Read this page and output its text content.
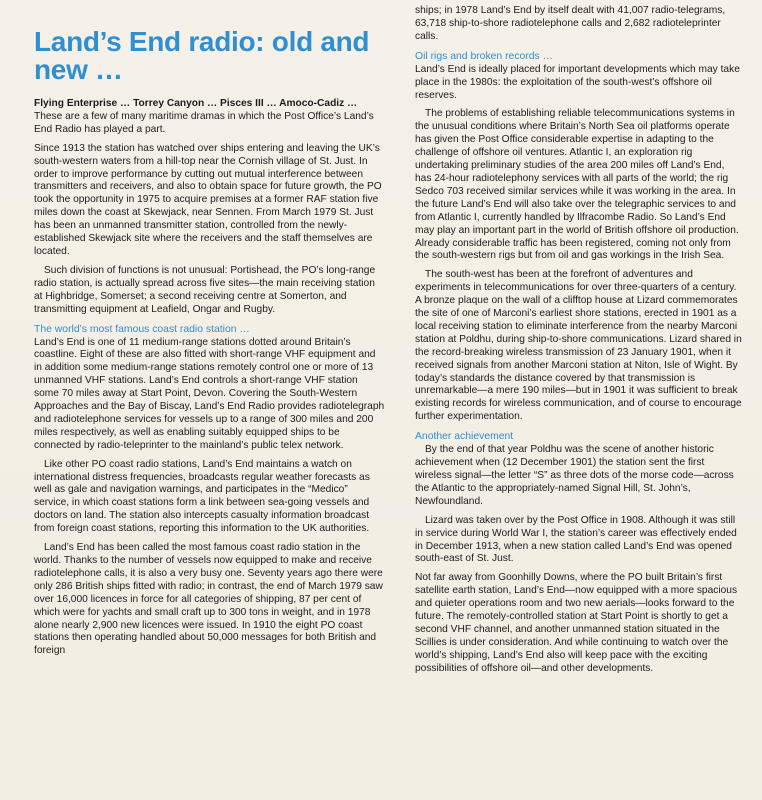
Land’s End radio: old and new …

Flying Enterprise … Torrey Canyon … Pisces III … Amoco-Cadiz … These are a few of many maritime dramas in which the Post Office’s Land’s End Radio has played a part.

Since 1913 the station has watched over ships entering and leaving the UK’s south-western waters from a hill-top near the Cornish village of St. Just. In order to improve performance by cutting out mutual interference between transmitters and receivers, and also to obtain space for future growth, the PO took the opportunity in 1975 to acquire premises at a former RAF station five miles down the coast at Skewjack, near Sennen. From March 1979 St. Just has been an unmanned transmitter station, controlled from the newly-established Skewjack site where the receivers and the staff themselves are located.

Such division of functions is not unusual: Portishead, the PO’s long-range radio station, is actually spread across five sites—the main receiving station at Highbridge, Somerset; a second receiving centre at Somerton, and transmitting equipment at Leafield, Ongar and Rugby.

The world’s most famous coast radio station …

Land’s End is one of 11 medium-range stations dotted around Britain’s coastline. Eight of these are also fitted with short-range VHF equipment and in addition some medium-range stations remotely control one or more of 13 unmanned VHF stations. Land’s End controls a short-range VHF station some 70 miles away at Start Point, Devon. Covering the South-Western Approaches and the Bay of Biscay, Land’s End Radio provides radiotelegraph and radiotelephone services for vessels up to a range of 300 miles and 200 miles respectively, as well as enabling suitably equipped ships to be connected by radio-teleprinter to the mainland’s public telex network.

Like other PO coast radio stations, Land’s End maintains a watch on international distress frequencies, broadcasts regular weather forecasts as well as gale and navigation warnings, and participates in the “Medico” service, in which coast stations form a link between sea-going vessels and doctors on land. The station also intercepts casualty information broadcast from foreign coast stations, reporting this information to the UK authorities.

Land’s End has been called the most famous coast radio station in the world. Thanks to the number of vessels now equipped to make and receive radiotelephone calls, it is also a very busy one. Seventy years ago there were only 286 British ships fitted with radio; in contrast, the end of March 1979 saw over 16,000 licences in force for all categories of shipping, 87 per cent of which were for yachts and small craft up to 300 tons in weight, and in 1978 alone nearly 2,900 new licences were issued. In 1910 the eight PO coast stations then operating handled about 50,000 messages for both British and foreign

ships; in 1978 Land’s End by itself dealt with 41,007 radio-telegrams, 63,718 ship-to-shore radiotelephone calls and 2,682 radioteleprinter calls.

Oil rigs and broken records …

Land’s End is ideally placed for important developments which may take place in the 1980s: the exploitation of the south-west’s offshore oil reserves.

The problems of establishing reliable telecommunications systems in the unusual conditions where Britain’s North Sea oil platforms operate has given the Post Office considerable expertise in adapting to the challenge of offshore oil ventures. Atlantic I, an exploration rig undertaking preliminary studies of the area 200 miles off Land’s End, has 24-hour radiotelephony services with all parts of the world; the rig Sedco 703 received similar services while it was working in the area. In the future Land’s End will also take over the telegraphic services to and from Atlantic I, currently handled by Ilfracombe Radio. So Land’s End may play an important part in the world of British offshore oil production. Already considerable traffic has been registered, coming not only from the south-western rigs but from oil and gas workings in the Irish Sea.

The south-west has been at the forefront of adventures and experiments in telecommunications for over three-quarters of a century. A bronze plaque on the wall of a clifftop house at Lizard commemorates the site of one of Marconi’s earliest shore stations, erected in 1901 as a local receiving station to eliminate interference from the nearby Marconi station at Poldhu, during ship-to-shore communications. Lizard shared in the record-breaking wireless transmission of 23 January 1901, when it received signals from another Marconi station at Niton, Isle of Wight. By today’s standards the distance covered by that transmission is unremarkable—a mere 190 miles—but in 1901 it was sufficient to break existing records for wireless communication, and of course to encourage further experimentation.

Another achievement

By the end of that year Poldhu was the scene of another historic achievement when (12 December 1901) the station sent the first wireless signal—the letter “S” as three dots of the morse code—across the Atlantic to the appropriately-named Signal Hill, St. John’s, Newfoundland.

Lizard was taken over by the Post Office in 1908. Although it was still in service during World War I, the station’s career was effectively ended in December 1913, when a new station called Land’s End was opened south-east of St. Just.

Not far away from Goonhilly Downs, where the PO built Britain’s first satellite earth station, Land’s End—now equipped with a more spacious and quieter operations room and two new aerials—looks forward to the future. The remotely-controlled station at Start Point is shortly to get a second VHF channel, and another unmanned station situated in the Scillies is under consideration. And while continuing to watch over the world’s shipping, Land’s End also will keep pace with the exciting possibilities of offshore oil—and other developments.
